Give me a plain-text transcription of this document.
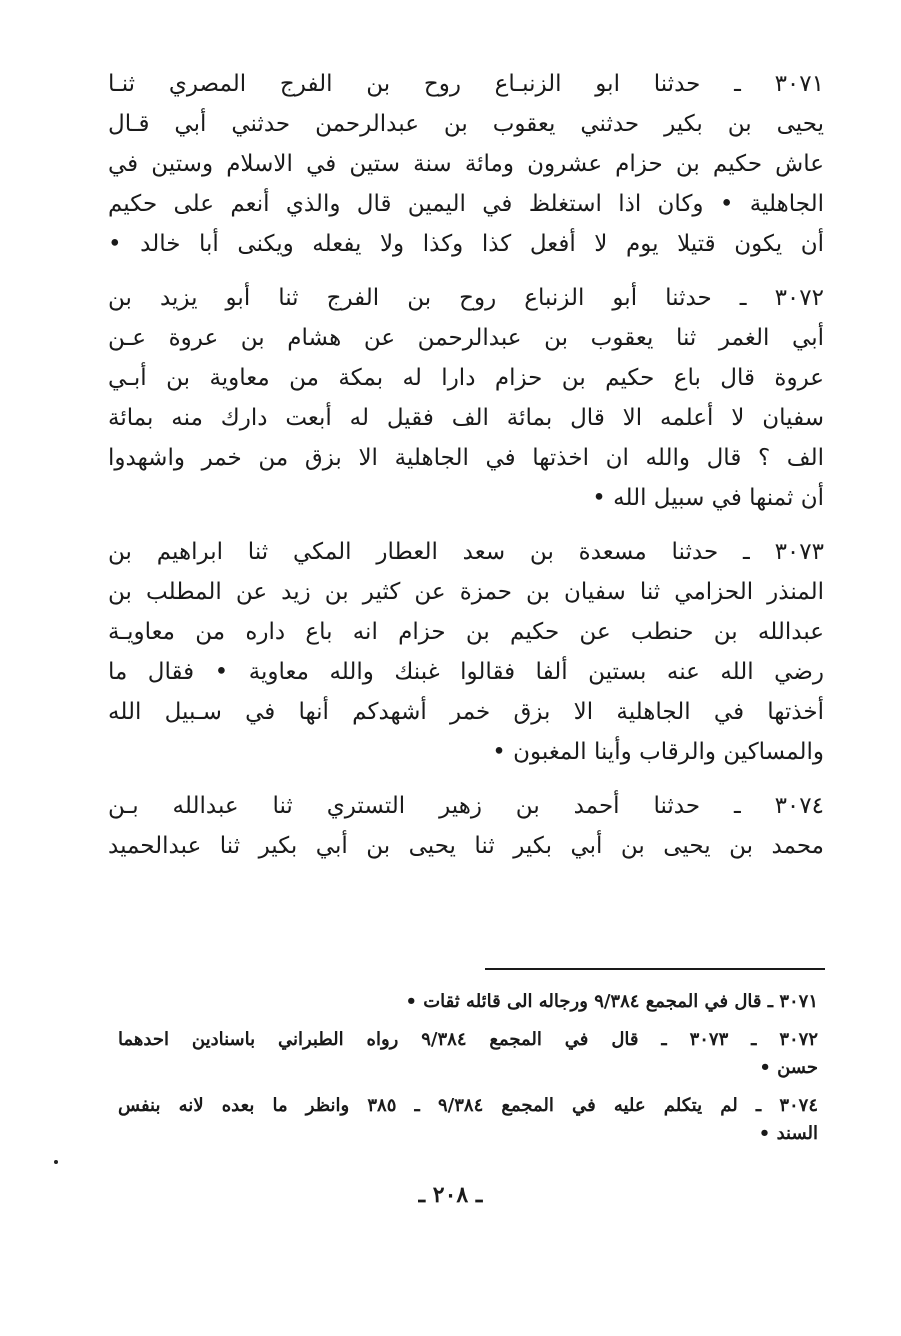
٣٠٧١ ـ حدثنا ابو الزنبـاع روح بن الفرج المصري ثنـا
يحيى بن بكير حدثني يعقوب بن عبدالرحمن حدثني أبي قـال
عاش حكيم بن حزام عشرون ومائة سنة ستين في الاسلام وستين في
الجاهلية • وكان اذا استغلظ في اليمين قال والذي أنعم على حكيم
أن يكون قتيلا يوم لا أفعل كذا وكذا ولا يفعله ويكنى أبا خالد •
٣٠٧٢ ـ حدثنا أبو الزنباع روح بن الفرج ثنا أبو يزيد بن
أبي الغمر ثنا يعقوب بن عبدالرحمن عن هشام بن عروة عـن
عروة قال باع حكيم بن حزام دارا له بمكة من معاوية بن أبـي
سفيان لا أعلمه الا قال بمائة الف فقيل له أبعت دارك منه بمائة
الف ؟ قال والله ان اخذتها في الجاهلية الا بزق من خمر واشهدوا
أن ثمنها في سبيل الله •
٣٠٧٣ ـ حدثنا مسعدة بن سعد العطار المكي ثنا ابراهيم بن
المنذر الحزامي ثنا سفيان بن حمزة عن كثير بن زيد عن المطلب بن
عبدالله بن حنطب عن حكيم بن حزام انه باع داره من معاويـة
رضي الله عنه بستين ألفا فقالوا غبنك والله معاوية • فقال ما
أخذتها في الجاهلية الا بزق خمر أشهدكم أنها في سـبيل الله
والمساكين والرقاب وأينا المغبون •
٣٠٧٤ ـ حدثنا أحمد بن زهير التستري ثنا عبدالله بـن
محمد بن يحيى بن أبي بكير ثنا يحيى بن أبي بكير ثنا عبدالحميد
٣٠٧١ ـ قال في المجمع ٩/٣٨٤ ورجاله الى قائله ثقات •
٣٠٧٢ ـ ٣٠٧٣ ـ قال في المجمع ٩/٣٨٤ رواه الطبراني باسنادين احدهما
حسن •
٣٠٧٤ ـ لم يتكلم عليه في المجمع ٩/٣٨٤ ـ ٣٨٥ وانظر ما بعده لانه بنفس
السند •
ـ ٢٠٨ ـ
